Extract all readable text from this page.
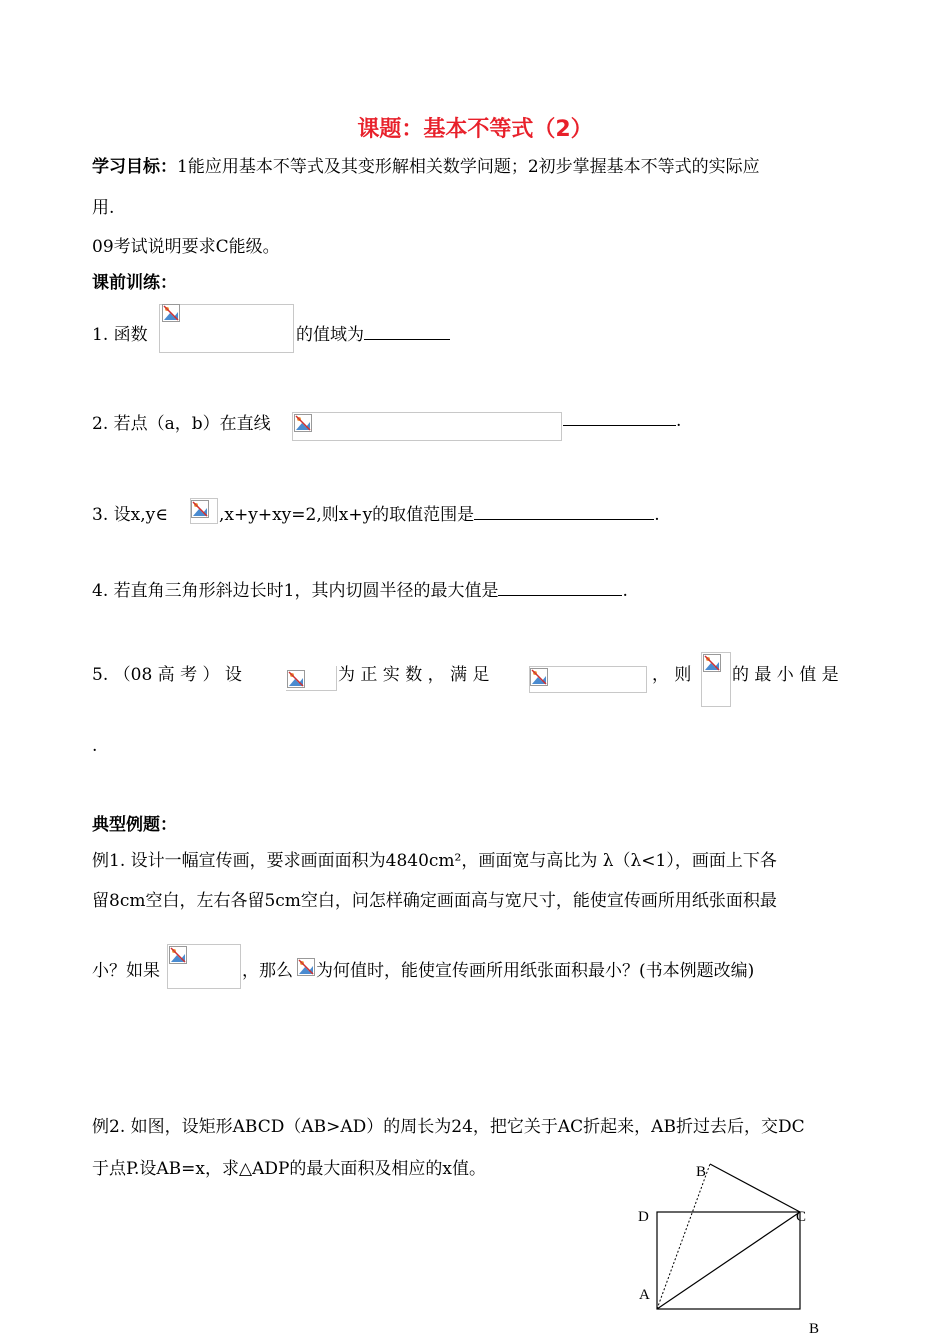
课题：基本不等式（2）
学习目标：1能应用基本不等式及其变形解相关数学问题；2初步掌握基本不等式的实际应
用.
09考试说明要求C能级。
课前训练：
1. 函数	的值域为
2. 若点（a，b）在直线	.
3. 设x,y∈	,x+y+xy=2,则x+y的取值范围是	.
4. 若直角三角形斜边长时1，其内切圆半径的最大值是	.
5. （08 高 考 ） 设	为 正 实 数 ， 满 足	， 则 的 最 小 值 是
.
典型例题：
例1. 设计一幅宣传画，要求画面面积为4840cm²，画面宽与高比为 λ（λ<1），画面上下各
留8cm空白，左右各留5cm空白，问怎样确定画面高与宽尺寸，能使宣传画所用纸张面积最
小？如果	，那么 为何值时，能使宣传画所用纸张面积最小？(书本例题改编)
例2. 如图，设矩形ABCD（AB>AD）的周长为24，把它关于AC折起来，AB折过去后，交DC
于点P.设AB=x，求△ADP的最大面积及相应的x值。	B
D	C
A
B
